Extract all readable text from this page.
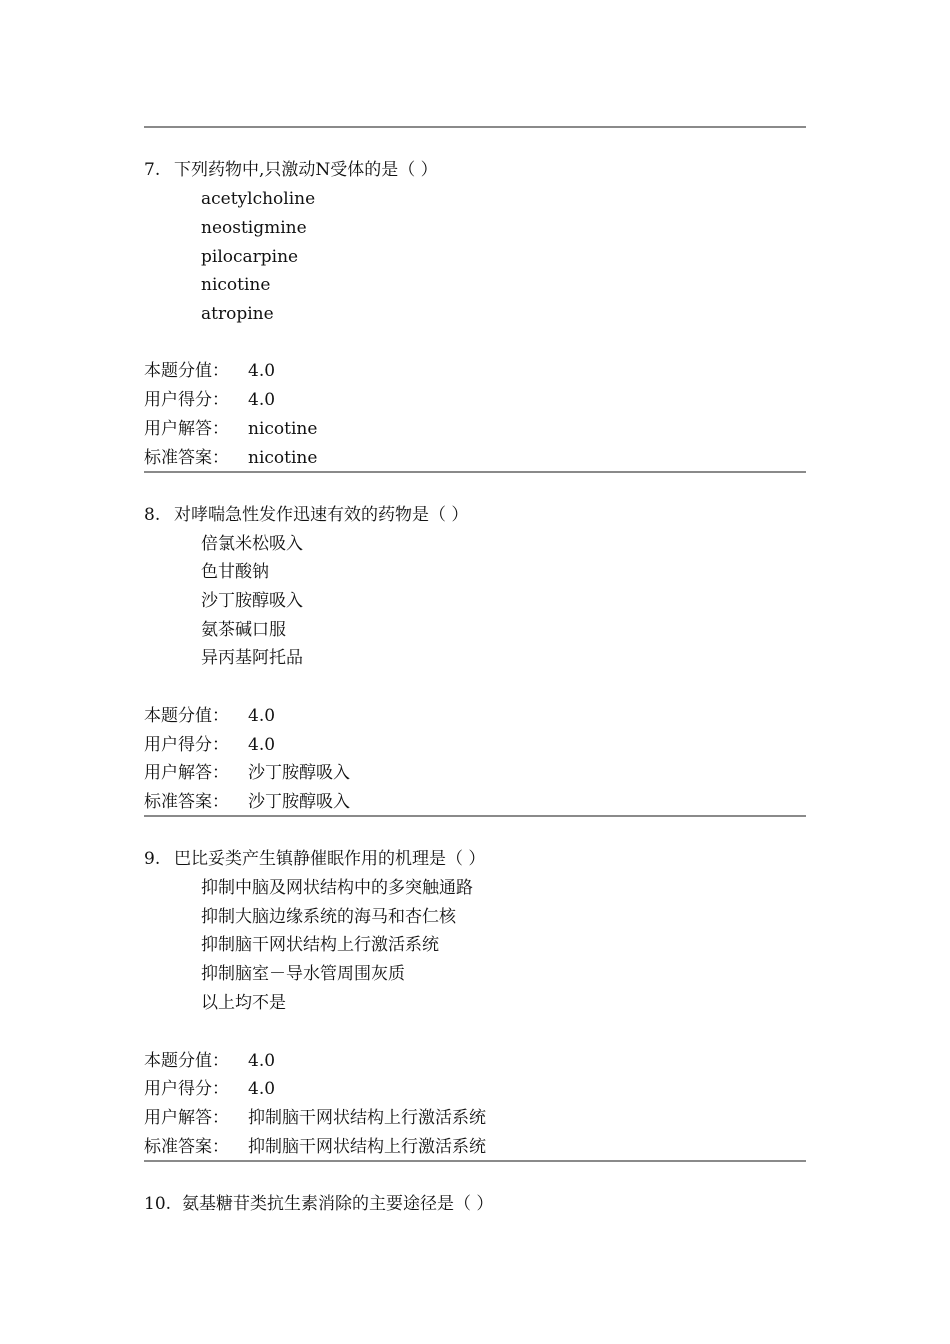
7. 下列药物中,只激动N受体的是（ ）
acetylcholine
neostigmine
pilocarpine
nicotine
atropine
本题分值： 4.0
用户得分： 4.0
用户解答： nicotine
标准答案： nicotine
8. 对哮喘急性发作迅速有效的药物是（ ）
倍氯米松吸入
色甘酸钠
沙丁胺醇吸入
氨茶碱口服
异丙基阿托品
本题分值： 4.0
用户得分： 4.0
用户解答： 沙丁胺醇吸入
标准答案： 沙丁胺醇吸入
9. 巴比妥类产生镇静催眠作用的机理是（ ）
抑制中脑及网状结构中的多突触通路
抑制大脑边缘系统的海马和杏仁核
抑制脑干网状结构上行激活系统
抑制脑室－导水管周围灰质
以上均不是
本题分值： 4.0
用户得分： 4.0
用户解答： 抑制脑干网状结构上行激活系统
标准答案： 抑制脑干网状结构上行激活系统
10. 氨基糖苷类抗生素消除的主要途径是（ ）
